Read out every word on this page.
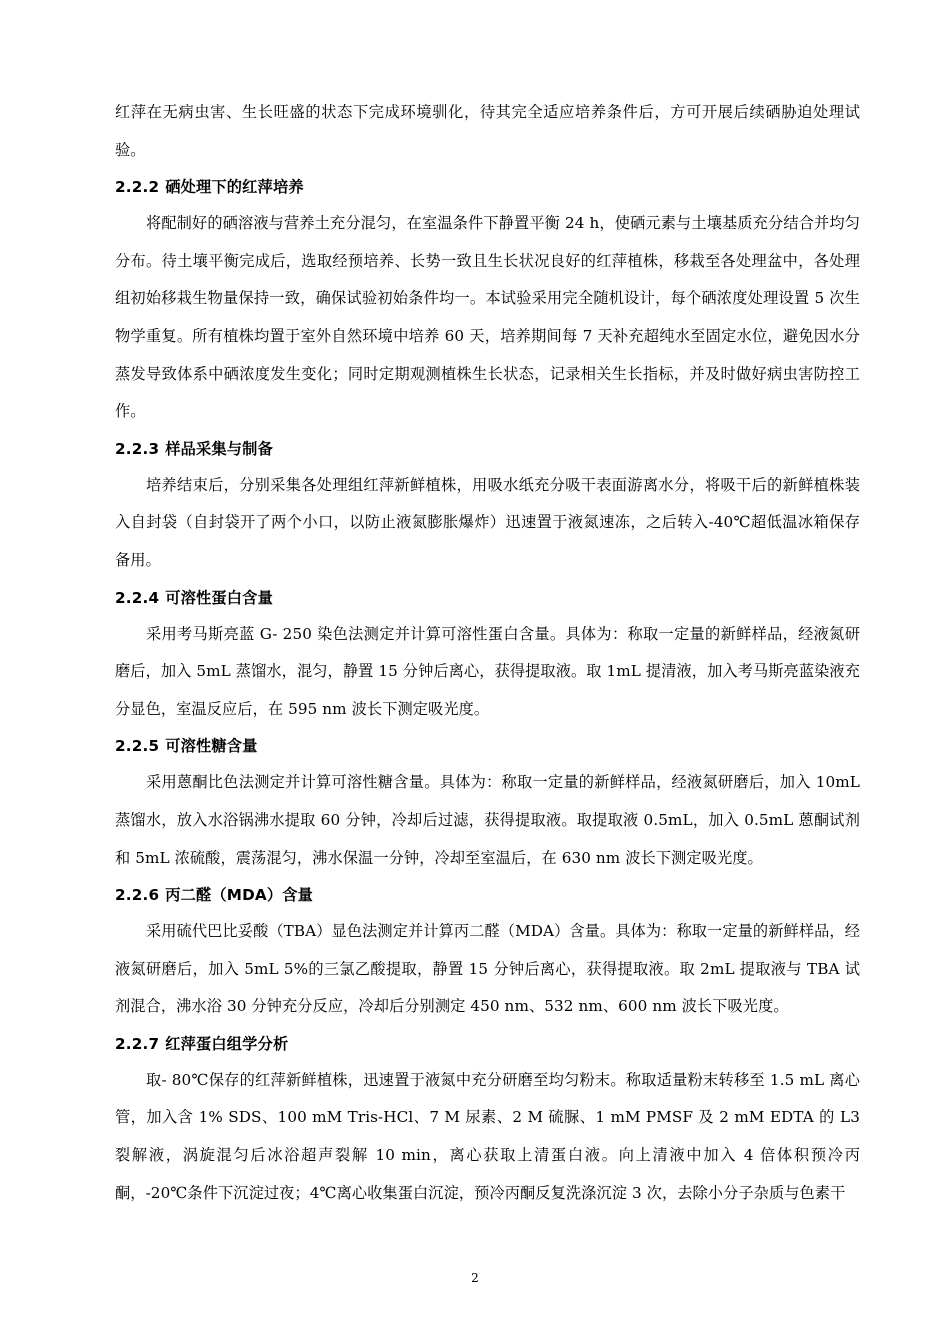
红萍在无病虫害、生长旺盛的状态下完成环境驯化，待其完全适应培养条件后，方可开展后续硒胁迫处理试验。

2.2.2 硒处理下的红萍培养

将配制好的硒溶液与营养土充分混匀，在室温条件下静置平衡 24 h，使硒元素与土壤基质充分结合并均匀分布。待土壤平衡完成后，选取经预培养、长势一致且生长状况良好的红萍植株，移栽至各处理盆中，各处理组初始移栽生物量保持一致，确保试验初始条件均一。本试验采用完全随机设计，每个硒浓度处理设置 5 次生物学重复。所有植株均置于室外自然环境中培养 60 天，培养期间每 7 天补充超纯水至固定水位，避免因水分蒸发导致体系中硒浓度发生变化；同时定期观测植株生长状态，记录相关生长指标，并及时做好病虫害防控工作。

2.2.3 样品采集与制备

培养结束后，分别采集各处理组红萍新鲜植株，用吸水纸充分吸干表面游离水分，将吸干后的新鲜植株装入自封袋（自封袋开了两个小口，以防止液氮膨胀爆炸）迅速置于液氮速冻，之后转入-40℃超低温冰箱保存备用。

2.2.4 可溶性蛋白含量

采用考马斯亮蓝 G- 250 染色法测定并计算可溶性蛋白含量。具体为：称取一定量的新鲜样品，经液氮研磨后，加入 5mL 蒸馏水，混匀，静置 15 分钟后离心，获得提取液。取 1mL 提清液，加入考马斯亮蓝染液充分显色，室温反应后，在 595 nm 波长下测定吸光度。

2.2.5 可溶性糖含量

采用蒽酮比色法测定并计算可溶性糖含量。具体为：称取一定量的新鲜样品，经液氮研磨后，加入 10mL 蒸馏水，放入水浴锅沸水提取 60 分钟，冷却后过滤，获得提取液。取提取液 0.5mL，加入 0.5mL 蒽酮试剂和 5mL 浓硫酸，震荡混匀，沸水保温一分钟，冷却至室温后，在 630 nm 波长下测定吸光度。

2.2.6 丙二醛（MDA）含量

采用硫代巴比妥酸（TBA）显色法测定并计算丙二醛（MDA）含量。具体为：称取一定量的新鲜样品，经液氮研磨后，加入 5mL 5%的三氯乙酸提取，静置 15 分钟后离心，获得提取液。取 2mL 提取液与 TBA 试剂混合，沸水浴 30 分钟充分反应，冷却后分别测定 450 nm、532 nm、600 nm 波长下吸光度。

2.2.7 红萍蛋白组学分析

取- 80℃保存的红萍新鲜植株，迅速置于液氮中充分研磨至均匀粉末。称取适量粉末转移至 1.5 mL 离心管，加入含 1% SDS、100 mM Tris-HCl、7 M 尿素、2 M 硫脲、1 mM PMSF 及 2 mM EDTA 的 L3 裂解液，涡旋混匀后冰浴超声裂解 10 min，离心获取上清蛋白液。向上清液中加入 4 倍体积预冷丙酮，-20℃条件下沉淀过夜；4℃离心收集蛋白沉淀，预冷丙酮反复洗涤沉淀 3 次，去除小分子杂质与色素干

2
